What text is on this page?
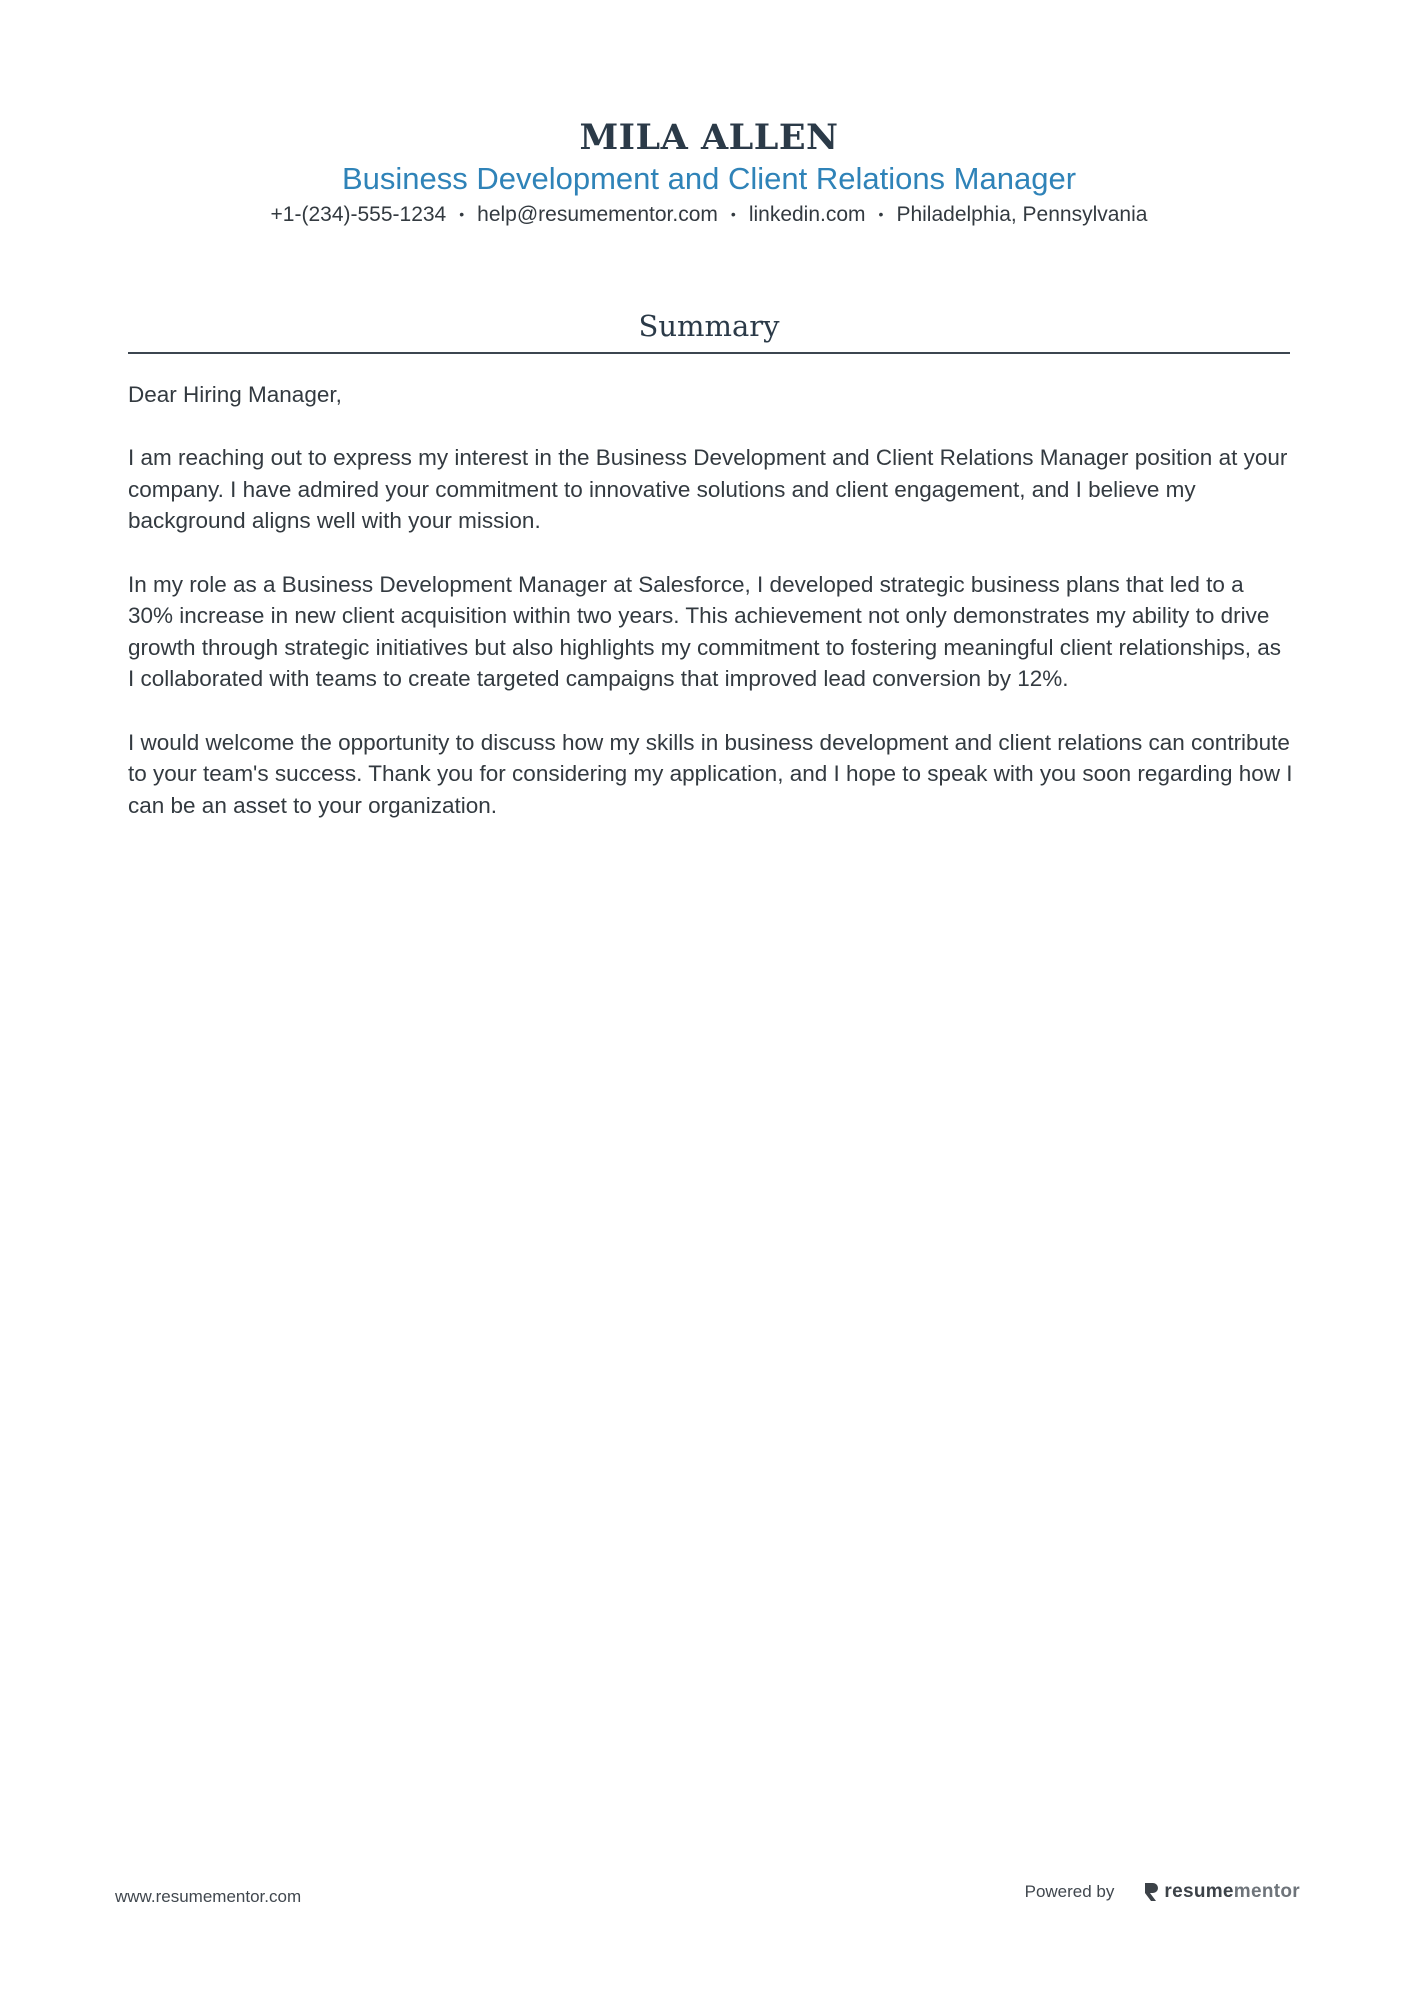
MILA ALLEN
Business Development and Client Relations Manager
+1-(234)-555-1234 • help@resumementor.com • linkedin.com • Philadelphia, Pennsylvania
Summary

Dear Hiring Manager,

I am reaching out to express my interest in the Business Development and Client Relations Manager position at your company. I have admired your commitment to innovative solutions and client engagement, and I believe my background aligns well with your mission.

In my role as a Business Development Manager at Salesforce, I developed strategic business plans that led to a 30% increase in new client acquisition within two years. This achievement not only demonstrates my ability to drive growth through strategic initiatives but also highlights my commitment to fostering meaningful client relationships, as I collaborated with teams to create targeted campaigns that improved lead conversion by 12%.

I would welcome the opportunity to discuss how my skills in business development and client relations can contribute to your team's success. Thank you for considering my application, and I hope to speak with you soon regarding how I can be an asset to your organization.

www.resumementor.com	Powered by	resume mentor
